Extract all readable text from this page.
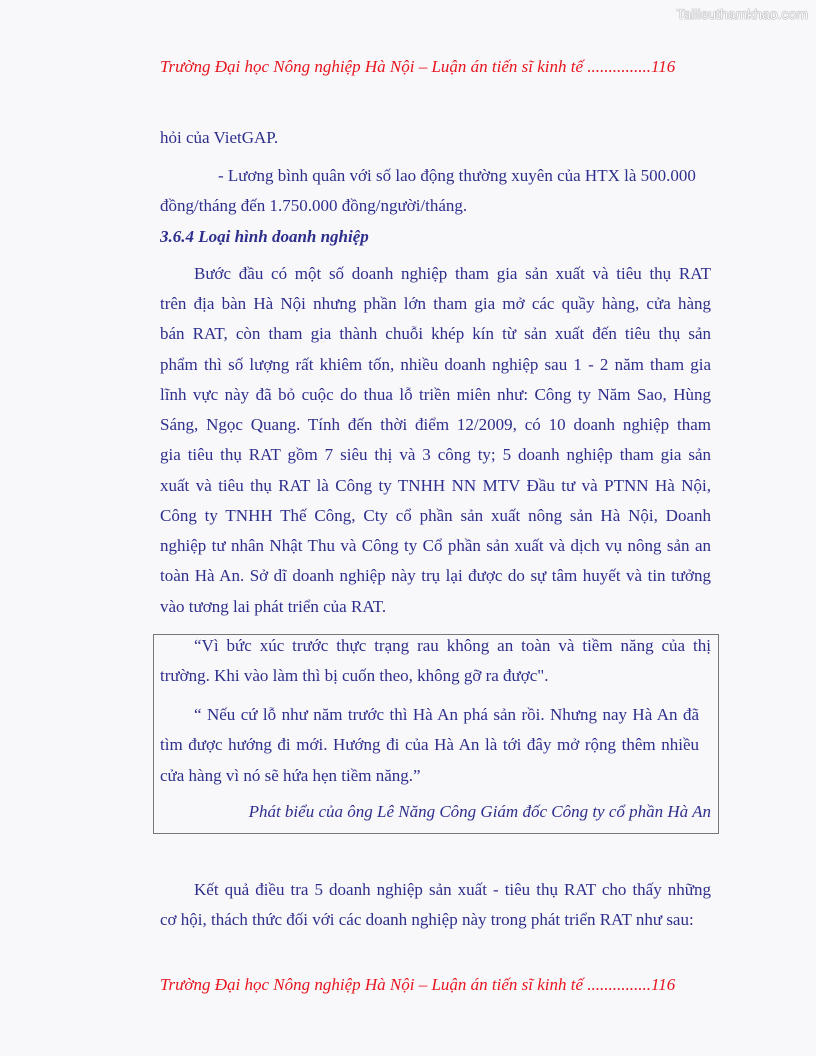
Tailieuthamkhao.com
Trường Đại học Nông nghiệp Hà Nội – Luận án tiến sĩ kinh tế ...............116
hỏi của VietGAP.
- Lương bình quân với số lao động thường xuyên của HTX là 500.000
đồng/tháng đến 1.750.000 đồng/người/tháng.
3.6.4 Loại hình doanh nghiệp
Bước đầu có một số doanh nghiệp tham gia sản xuất và tiêu thụ RAT
trên địa bàn Hà Nội nhưng phần lớn tham gia mở các quầy hàng, cửa hàng
bán RAT, còn tham gia thành chuỗi khép kín từ sản xuất đến tiêu thụ sản
phẩm thì số lượng rất khiêm tốn, nhiều doanh nghiệp sau 1 - 2 năm tham gia
lĩnh vực này đã bỏ cuộc do thua lỗ triền miên như: Công ty Năm Sao, Hùng
Sáng, Ngọc Quang. Tính đến thời điểm 12/2009, có 10 doanh nghiệp tham
gia tiêu thụ RAT gồm 7 siêu thị và 3 công ty; 5 doanh nghiệp tham gia sản
xuất và tiêu thụ RAT là Công ty TNHH NN MTV Đầu tư và PTNN Hà Nội,
Công ty TNHH Thế Công, Cty cổ phần sản xuất nông sản Hà Nội, Doanh
nghiệp tư nhân Nhật Thu và Công ty Cổ phần sản xuất và dịch vụ nông sản an
toàn Hà An. Sở dĩ doanh nghiệp này trụ lại được do sự tâm huyết và tin tưởng
vào tương lai phát triển của RAT.
“Vì bức xúc trước thực trạng rau không an toàn và tiềm năng của thị
trường. Khi vào làm thì bị cuốn theo, không gỡ ra được".
“ Nếu cứ lỗ như năm trước thì Hà An phá sản rồi. Nhưng nay Hà An đã
tìm được hướng đi mới. Hướng đi của Hà An là tới đây mở rộng thêm nhiều
cửa hàng vì nó sẽ hứa hẹn tiềm năng.”
Phát biểu của ông Lê Năng Công Giám đốc Công ty cổ phần Hà An
Kết quả điều tra 5 doanh nghiệp sản xuất - tiêu thụ RAT cho thấy những
cơ hội, thách thức đối với các doanh nghiệp này trong phát triển RAT như sau:
Trường Đại học Nông nghiệp Hà Nội – Luận án tiến sĩ kinh tế ...............116
